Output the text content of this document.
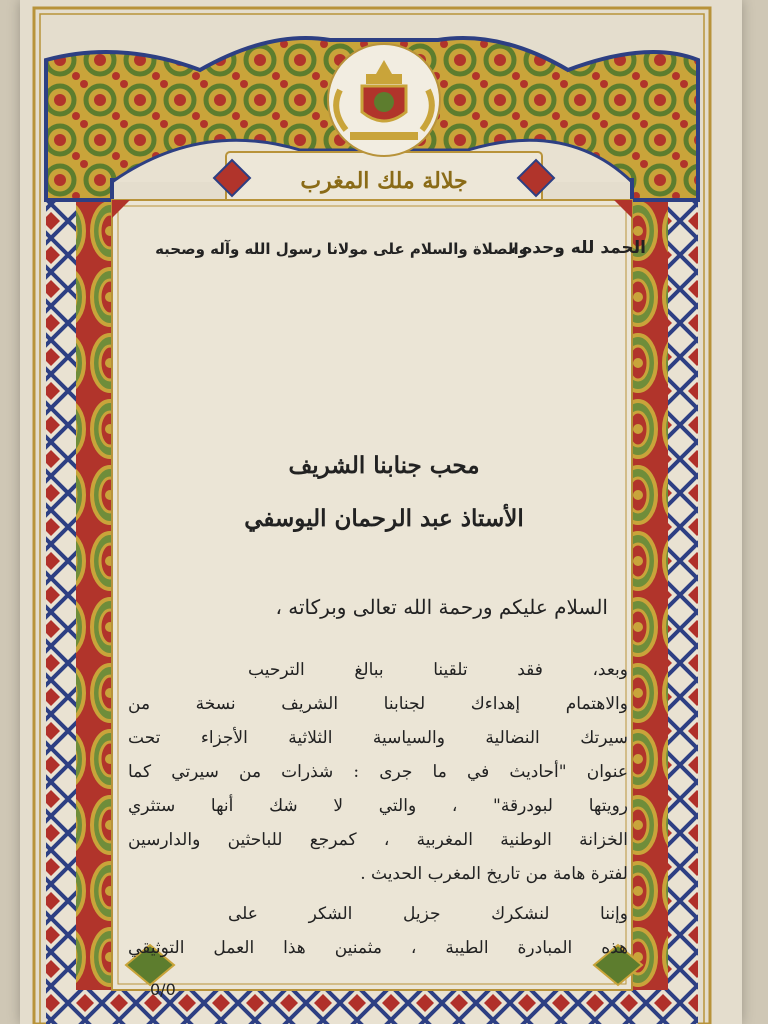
جلالة ملك المغرب
الحمد لله وحده ،
والصلاة والسلام على مولانا رسول الله وآله وصحبه
محب جنابنا الشريف
الأستاذ عبد الرحمان اليوسفي
السلام عليكم ورحمة الله تعالى وبركاته ،
وبعد، فقد تلقينا ببالغ الترحيب
والاهتمام إهداءك لجنابنا الشريف نسخة من
سيرتك النضالية والسياسية الثلاثية الأجزاء تحت
عنوان "أحاديث في ما جرى : شذرات من سيرتي كما
رويتها لبودرقة" ، والتي لا شك أنها ستثري
الخزانة الوطنية المغربية ، كمرجع للباحثين والدارسين
لفترة هامة من تاريخ المغرب الحديث .
وإننا لنشكرك جزيل الشكر على
هذه المبادرة الطيبة ، مثمنين هذا العمل التوثيقي
0/0
